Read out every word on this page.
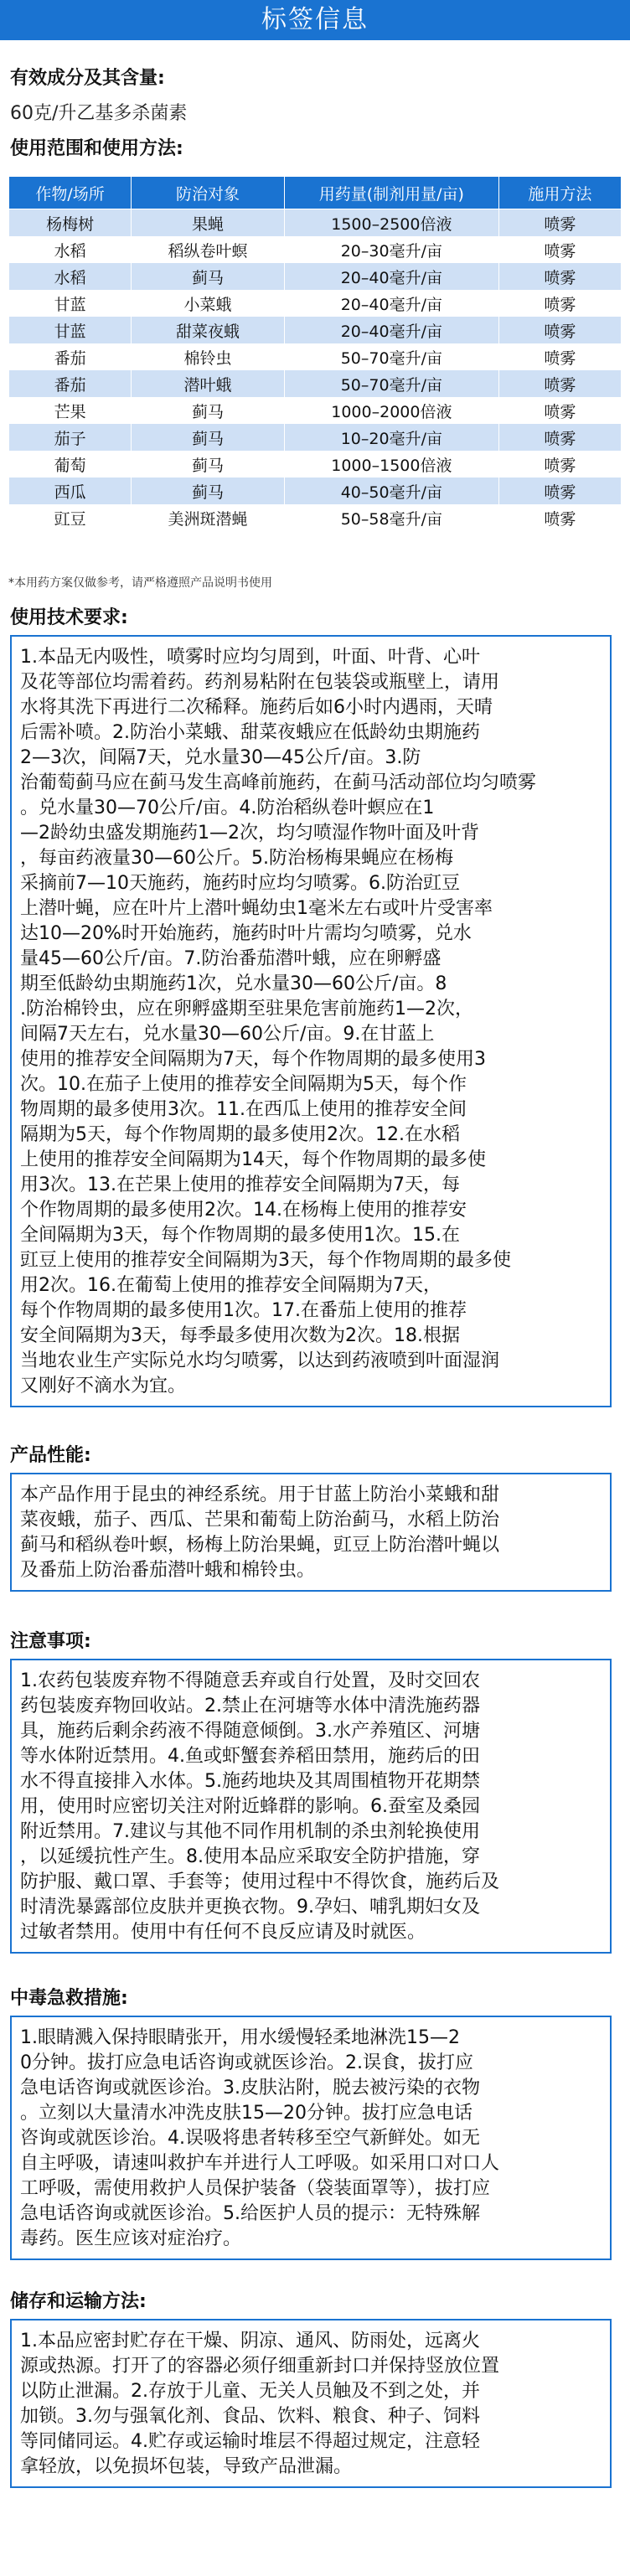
标签信息
有效成分及其含量:
60克/升乙基多杀菌素
使用范围和使用方法:
作物/场所	防治对象	用药量(制剂用量/亩)	施用方法
杨梅树	果蝇	1500–2500倍液	喷雾
水稻	稻纵卷叶螟	20–30毫升/亩	喷雾
水稻	蓟马	20–40毫升/亩	喷雾
甘蓝	小菜蛾	20–40毫升/亩	喷雾
甘蓝	甜菜夜蛾	20–40毫升/亩	喷雾
番茄	棉铃虫	50–70毫升/亩	喷雾
番茄	潜叶蛾	50–70毫升/亩	喷雾
芒果	蓟马	1000–2000倍液	喷雾
茄子	蓟马	10–20毫升/亩	喷雾
葡萄	蓟马	1000–1500倍液	喷雾
西瓜	蓟马	40–50毫升/亩	喷雾
豇豆	美洲斑潜蝇	50–58毫升/亩	喷雾
*本用药方案仅做参考，请严格遵照产品说明书使用
使用技术要求:

1.本品无内吸性，喷雾时应均匀周到，叶面、叶背、心叶

及花等部位均需着药。药剂易粘附在包装袋或瓶壁上，请用

水将其洗下再进行二次稀释。施药后如6小时内遇雨，天晴

后需补喷。2.防治小菜蛾、甜菜夜蛾应在低龄幼虫期施药

2—3次，间隔7天，兑水量30—45公斤/亩。3.防

治葡萄蓟马应在蓟马发生高峰前施药，在蓟马活动部位均匀喷雾

。兑水量30—70公斤/亩。4.防治稻纵卷叶螟应在1

—2龄幼虫盛发期施药1—2次，均匀喷湿作物叶面及叶背

，每亩药液量30—60公斤。5.防治杨梅果蝇应在杨梅

采摘前7—10天施药，施药时应均匀喷雾。6.防治豇豆

上潜叶蝇，应在叶片上潜叶蝇幼虫1毫米左右或叶片受害率

达10—20%时开始施药，施药时叶片需均匀喷雾，兑水

量45—60公斤/亩。7.防治番茄潜叶蛾，应在卵孵盛

期至低龄幼虫期施药1次，兑水量30—60公斤/亩。8

.防治棉铃虫，应在卵孵盛期至驻果危害前施药1—2次，

间隔7天左右，兑水量30—60公斤/亩。9.在甘蓝上

使用的推荐安全间隔期为7天，每个作物周期的最多使用3

次。10.在茄子上使用的推荐安全间隔期为5天，每个作

物周期的最多使用3次。11.在西瓜上使用的推荐安全间

隔期为5天，每个作物周期的最多使用2次。12.在水稻

上使用的推荐安全间隔期为14天，每个作物周期的最多使

用3次。13.在芒果上使用的推荐安全间隔期为7天，每

个作物周期的最多使用2次。14.在杨梅上使用的推荐安

全间隔期为3天，每个作物周期的最多使用1次。15.在

豇豆上使用的推荐安全间隔期为3天，每个作物周期的最多使

用2次。16.在葡萄上使用的推荐安全间隔期为7天，

每个作物周期的最多使用1次。17.在番茄上使用的推荐

安全间隔期为3天，每季最多使用次数为2次。18.根据

当地农业生产实际兑水均匀喷雾，以达到药液喷到叶面湿润

又刚好不滴水为宜。

产品性能:

本产品作用于昆虫的神经系统。用于甘蓝上防治小菜蛾和甜

菜夜蛾，茄子、西瓜、芒果和葡萄上防治蓟马，水稻上防治

蓟马和稻纵卷叶螟，杨梅上防治果蝇，豇豆上防治潜叶蝇以

及番茄上防治番茄潜叶蛾和棉铃虫。

注意事项:

1.农药包装废弃物不得随意丢弃或自行处置，及时交回农

药包装废弃物回收站。2.禁止在河塘等水体中清洗施药器

具，施药后剩余药液不得随意倾倒。3.水产养殖区、河塘

等水体附近禁用。4.鱼或虾蟹套养稻田禁用，施药后的田

水不得直接排入水体。5.施药地块及其周围植物开花期禁

用，使用时应密切关注对附近蜂群的影响。6.蚕室及桑园

附近禁用。7.建议与其他不同作用机制的杀虫剂轮换使用

，以延缓抗性产生。8.使用本品应采取安全防护措施，穿

防护服、戴口罩、手套等；使用过程中不得饮食，施药后及

时清洗暴露部位皮肤并更换衣物。9.孕妇、哺乳期妇女及

过敏者禁用。使用中有任何不良反应请及时就医。

中毒急救措施:

1.眼睛溅入保持眼睛张开，用水缓慢轻柔地淋洗15—2

0分钟。拔打应急电话咨询或就医诊治。2.误食，拔打应

急电话咨询或就医诊治。3.皮肤沾附，脱去被污染的衣物

。立刻以大量清水冲洗皮肤15—20分钟。拔打应急电话

咨询或就医诊治。4.误吸将患者转移至空气新鲜处。如无

自主呼吸，请速叫救护车并进行人工呼吸。如采用口对口人

工呼吸，需使用救护人员保护装备（袋装面罩等），拔打应

急电话咨询或就医诊治。5.给医护人员的提示：无特殊解

毒药。医生应该对症治疗。

储存和运输方法:

1.本品应密封贮存在干燥、阴凉、通风、防雨处，远离火

源或热源。打开了的容器必须仔细重新封口并保持竖放位置

以防止泄漏。2.存放于儿童、无关人员触及不到之处，并

加锁。3.勿与强氧化剂、食品、饮料、粮食、种子、饲料

等同储同运。4.贮存或运输时堆层不得超过规定，注意轻

拿轻放，以免损坏包装，导致产品泄漏。
